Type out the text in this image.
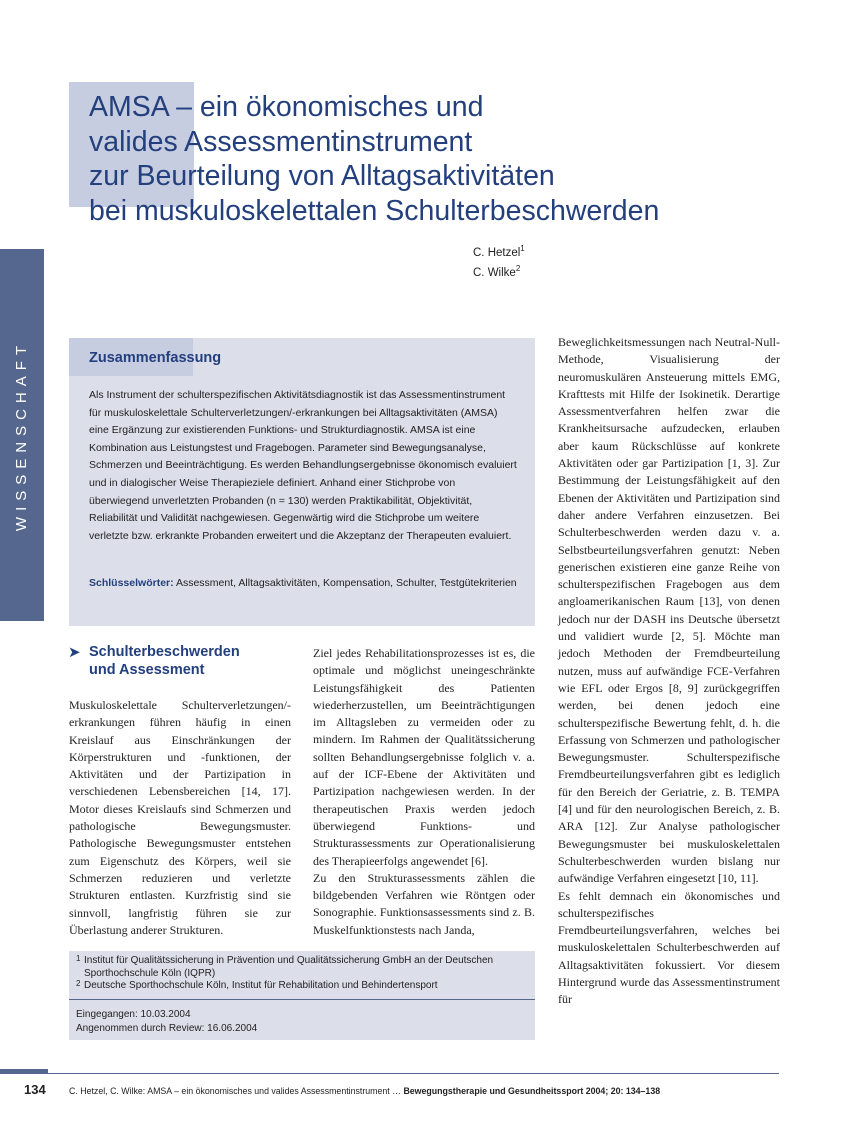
WISSENSCHAFT
AMSA – ein ökonomisches und
valides Assessmentinstrument
zur Beurteilung von Alltagsaktivitäten
bei muskuloskelettalen Schulterbeschwerden
C. Hetzel$^1$
C. Wilke$^2$
Zusammenfassung

Als Instrument der schulterspezifischen Aktivitätsdiagnostik ist das Assessmentinstrument für muskuloskelettale Schulterverletzungen/-erkrankungen bei Alltagsaktivitäten (AMSA) eine Ergänzung zur existierenden Funktions- und Strukturdiagnostik. AMSA ist eine Kombination aus Leistungstest und Fragebogen. Parameter sind Bewegungsanalyse, Schmerzen und Beeinträchtigung. Es werden Behandlungsergebnisse ökonomisch evaluiert und in dialogischer Weise Therapieziele definiert. Anhand einer Stichprobe von überwiegend unverletzten Probanden (n = 130) werden Praktikabilität, Objektivität, Reliabilität und Validität nachgewiesen. Gegenwärtig wird die Stichprobe um weitere verletzte bzw. erkrankte Probanden erweitert und die Akzeptanz der Therapeuten evaluiert.

Schlüsselwörter: Assessment, Alltagsaktivitäten, Kompensation, Schulter, Testgütekriterien

➤ Schulterbeschwerden
und Assessment

Muskuloskelettale Schulterverletzungen/-erkrankungen führen häufig in einen Kreislauf aus Einschränkungen der Körperstrukturen und -funktionen, der Aktivitäten und der Partizipation in verschiedenen Lebensbereichen [14, 17]. Motor dieses Kreislaufs sind Schmerzen und pathologische Bewegungsmuster. Pathologische Bewegungsmuster entstehen zum Eigenschutz des Körpers, weil sie Schmerzen reduzieren und verletzte Strukturen entlasten. Kurzfristig sind sie sinnvoll, langfristig führen sie zur Überlastung anderer Strukturen.

Ziel jedes Rehabilitationsprozesses ist es, die optimale und möglichst uneingeschränkte Leistungsfähigkeit des Patienten wiederherzustellen, um Beeinträchtigungen im Alltagsleben zu vermeiden oder zu mindern. Im Rahmen der Qualitätssicherung sollten Behandlungsergebnisse folglich v. a. auf der ICF-Ebene der Aktivitäten und Partizipation nachgewiesen werden. In der therapeutischen Praxis werden jedoch überwiegend Funktions- und Strukturassessments zur Operationalisierung des Therapieerfolgs angewendet [6].

Zu den Strukturassessments zählen die bildgebenden Verfahren wie Röntgen oder Sonographie. Funktionsassessments sind z. B. Muskelfunktionstests nach Janda,

Beweglichkeitsmessungen nach Neutral-Null-Methode, Visualisierung der neuromuskulären Ansteuerung mittels EMG, Krafttests mit Hilfe der Isokinetik. Derartige Assessmentverfahren helfen zwar die Krankheitsursache aufzudecken, erlauben aber kaum Rückschlüsse auf konkrete Aktivitäten oder gar Partizipation [1, 3]. Zur Bestimmung der Leistungsfähigkeit auf den Ebenen der Aktivitäten und Partizipation sind daher andere Verfahren einzusetzen. Bei Schulterbeschwerden werden dazu v. a. Selbstbeurteilungsverfahren genutzt: Neben generischen existieren eine ganze Reihe von schulterspezifischen Fragebogen aus dem angloamerikanischen Raum [13], von denen jedoch nur der DASH ins Deutsche übersetzt und validiert wurde [2, 5]. Möchte man jedoch Methoden der Fremdbeurteilung nutzen, muss auf aufwändige FCE-Verfahren wie EFL oder Ergos [8, 9] zurückgegriffen werden, bei denen jedoch eine schulterspezifische Bewertung fehlt, d. h. die Erfassung von Schmerzen und pathologischer Bewegungsmuster. Schulterspezifische Fremdbeurteilungsverfahren gibt es lediglich für den Bereich der Geriatrie, z. B. TEMPA [4] und für den neurologischen Bereich, z. B. ARA [12]. Zur Analyse pathologischer Bewegungsmuster bei muskuloskelettalen Schulterbeschwerden wurden bislang nur aufwändige Verfahren eingesetzt [10, 11].

Es fehlt demnach ein ökonomisches und schulterspezifisches Fremdbeurteilungsverfahren, welches bei muskuloskelettalen Schulterbeschwerden auf Alltagsaktivitäten fokussiert. Vor diesem Hintergrund wurde das Assessmentinstrument für

1 Institut für Qualitätssicherung in Prävention und Qualitätssicherung GmbH an der Deutschen Sporthochschule Köln (IQPR)
2 Deutsche Sporthochschule Köln, Institut für Rehabilitation und Behindertensport
Eingegangen: 10.03.2004
Angenommen durch Review: 16.06.2004
134	C. Hetzel, C. Wilke: AMSA – ein ökonomisches und valides Assessmentinstrument … Bewegungstherapie und Gesundheitssport 2004; 20: 134–138
